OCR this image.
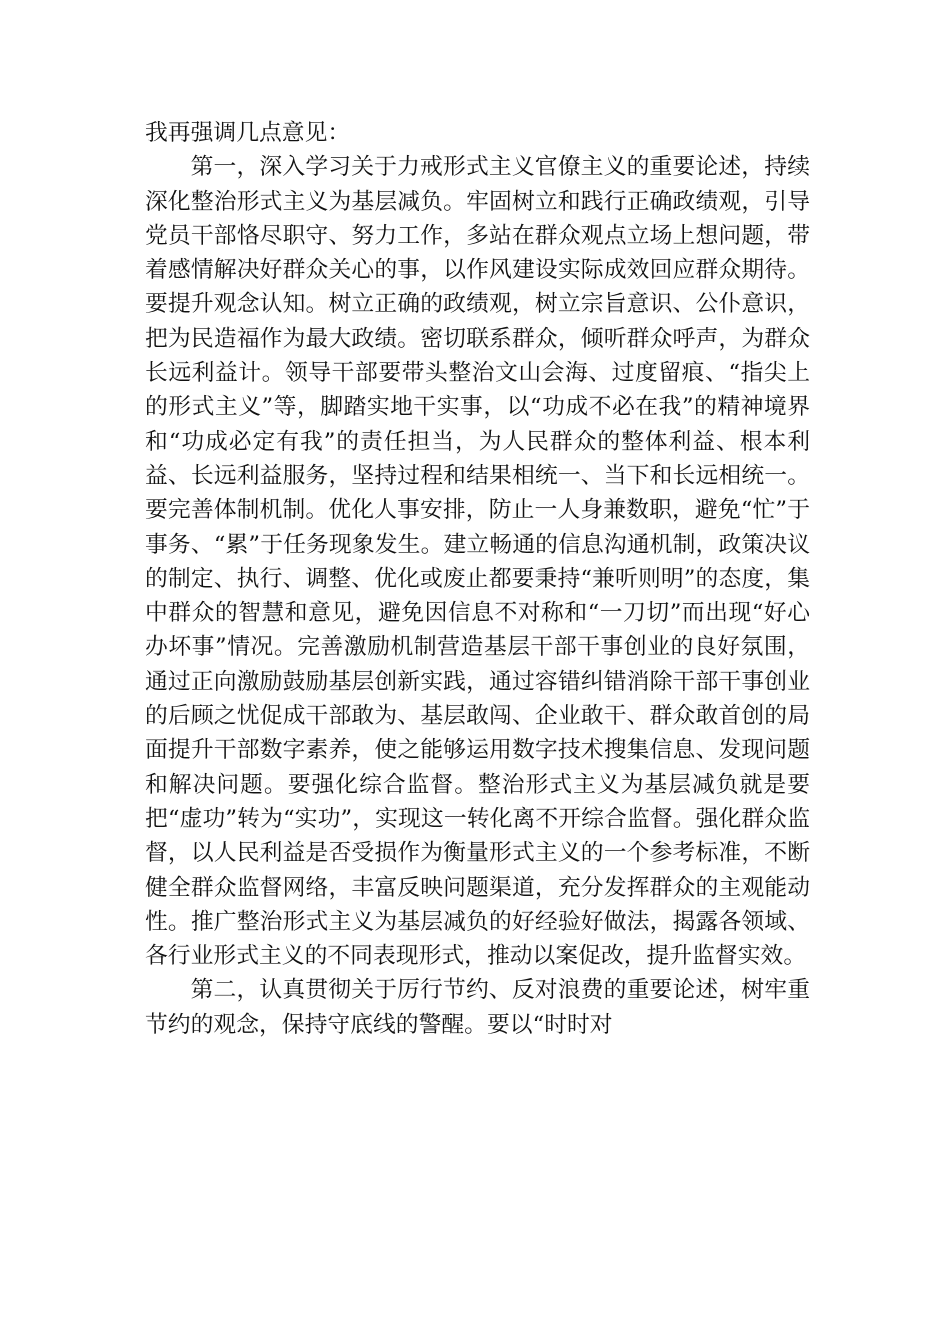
我再强调几点意见：

第一，深入学习关于力戒形式主义官僚主义的重要论述，持续深化整治形式主义为基层减负。牢固树立和践行正确政绩观，引导党员干部恪尽职守、努力工作，多站在群众观点立场上想问题，带着感情解决好群众关心的事，以作风建设实际成效回应群众期待。要提升观念认知。树立正确的政绩观，树立宗旨意识、公仆意识，把为民造福作为最大政绩。密切联系群众，倾听群众呼声，为群众长远利益计。领导干部要带头整治文山会海、过度留痕、“指尖上的形式主义”等，脚踏实地干实事，以“功成不必在我”的精神境界和“功成必定有我”的责任担当，为人民群众的整体利益、根本利益、长远利益服务，坚持过程和结果相统一、当下和长远相统一。要完善体制机制。优化人事安排，防止一人身兼数职，避免“忙”于事务、“累”于任务现象发生。建立畅通的信息沟通机制，政策决议的制定、执行、调整、优化或废止都要秉持“兼听则明”的态度，集中群众的智慧和意见，避免因信息不对称和“一刀切”而出现“好心办坏事”情况。完善激励机制营造基层干部干事创业的良好氛围，通过正向激励鼓励基层创新实践，通过容错纠错消除干部干事创业的后顾之忧促成干部敢为、基层敢闯、企业敢干、群众敢首创的局面提升干部数字素养，使之能够运用数字技术搜集信息、发现问题和解决问题。要强化综合监督。整治形式主义为基层减负就是要把“虚功”转为“实功”，实现这一转化离不开综合监督。强化群众监督，以人民利益是否受损作为衡量形式主义的一个参考标准，不断健全群众监督网络，丰富反映问题渠道，充分发挥群众的主观能动性。推广整治形式主义为基层减负的好经验好做法，揭露各领域、各行业形式主义的不同表现形式，推动以案促改，提升监督实效。

第二，认真贯彻关于厉行节约、反对浪费的重要论述，树牢重节约的观念，保持守底线的警醒。要以“时时对
